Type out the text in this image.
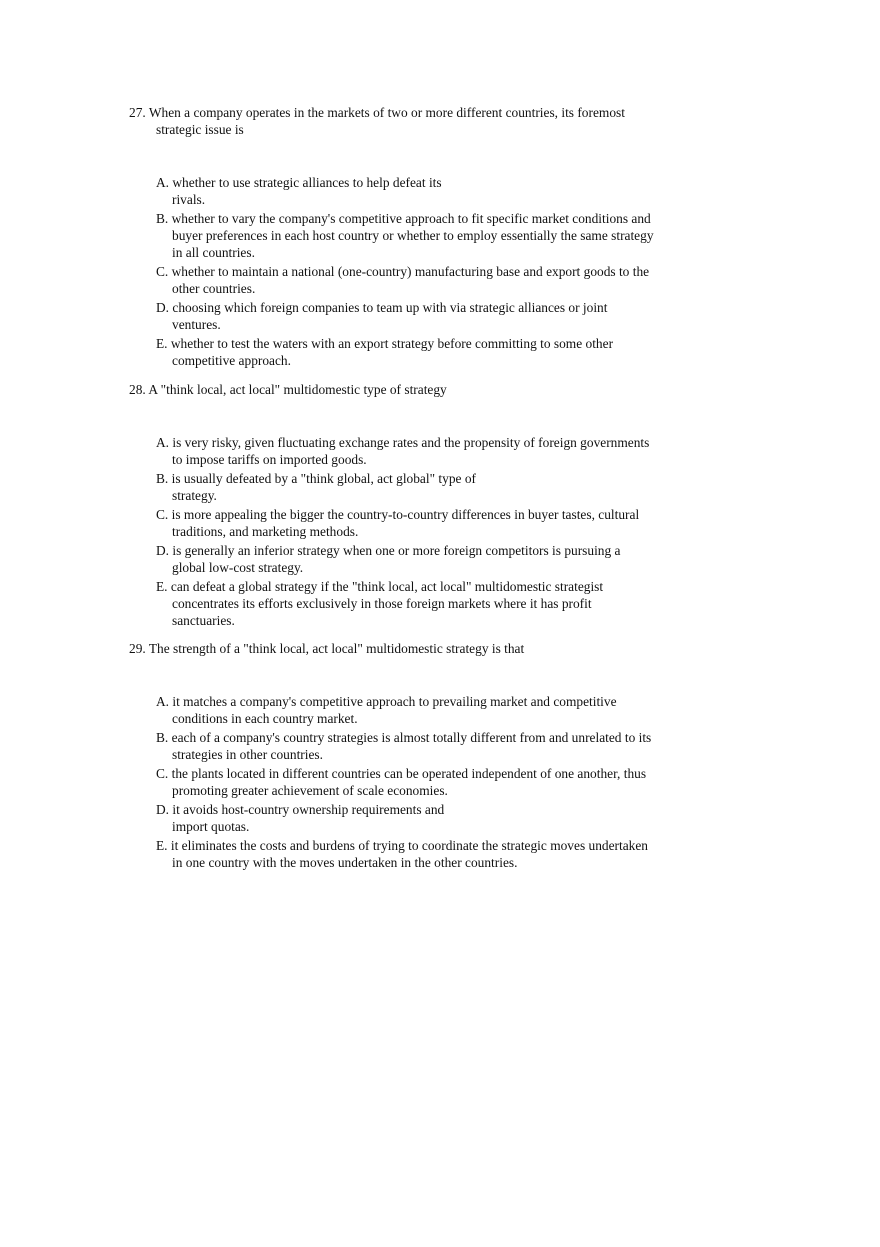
27. When a company operates in the markets of two or more different countries, its foremost strategic issue is

A. whether to use strategic alliances to help defeat its rivals.
B. whether to vary the company's competitive approach to fit specific market conditions and buyer preferences in each host country or whether to employ essentially the same strategy in all countries.
C. whether to maintain a national (one-country) manufacturing base and export goods to the other countries.
D. choosing which foreign companies to team up with via strategic alliances or joint ventures.
E. whether to test the waters with an export strategy before committing to some other competitive approach.

28. A "think local, act local" multidomestic type of strategy

A. is very risky, given fluctuating exchange rates and the propensity of foreign governments to impose tariffs on imported goods.
B. is usually defeated by a "think global, act global" type of strategy.
C. is more appealing the bigger the country-to-country differences in buyer tastes, cultural traditions, and marketing methods.
D. is generally an inferior strategy when one or more foreign competitors is pursuing a global low-cost strategy.
E. can defeat a global strategy if the "think local, act local" multidomestic strategist concentrates its efforts exclusively in those foreign markets where it has profit sanctuaries.

29. The strength of a "think local, act local" multidomestic strategy is that

A. it matches a company's competitive approach to prevailing market and competitive conditions in each country market.
B. each of a company's country strategies is almost totally different from and unrelated to its strategies in other countries.
C. the plants located in different countries can be operated independent of one another, thus promoting greater achievement of scale economies.
D. it avoids host-country ownership requirements and import quotas.
E. it eliminates the costs and burdens of trying to coordinate the strategic moves undertaken in one country with the moves undertaken in the other countries.
